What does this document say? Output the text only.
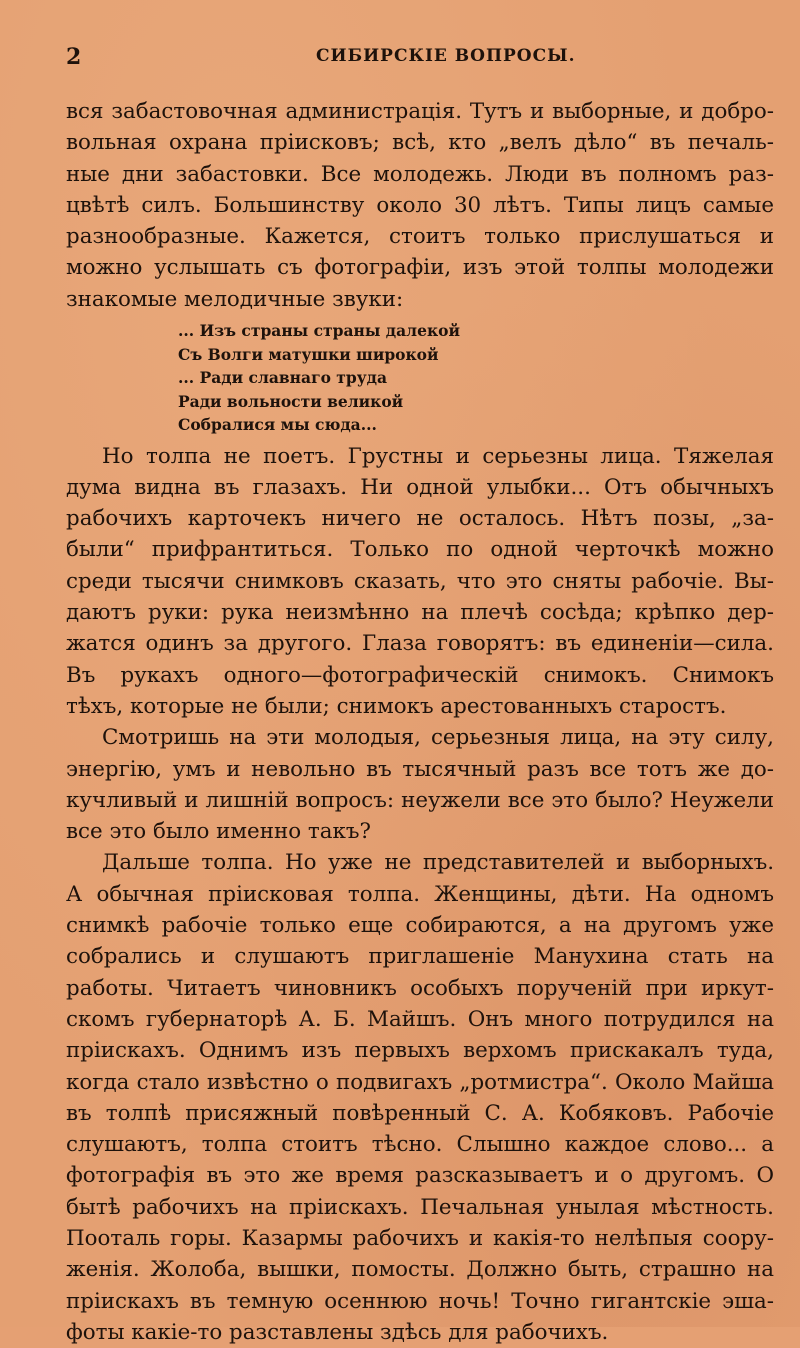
2	СИБИРСКІЕ ВОПРОСЫ.
вся забастовочная администрація. Тутъ и выборные, и добро-
вольная охрана пріисковъ; всѣ, кто „велъ дѣло“ въ печаль-
ные дни забастовки. Все молодежь. Люди въ полномъ раз-
цвѣтѣ силъ. Большинству около 30 лѣтъ. Типы лицъ самые
разнообразные. Кажется, стоитъ только прислушаться и
можно услышать съ фотографіи, изъ этой толпы молодежи
знакомые мелодичные звуки:
... Изъ страны страны далекой
Съ Волги матушки широкой
... Ради славнаго труда
Ради вольности великой
Собралися мы сюда...
Но толпа не поетъ. Грустны и серьезны лица. Тяжелая
дума видна въ глазахъ. Ни одной улыбки... Отъ обычныхъ
рабочихъ карточекъ ничего не осталось. Нѣтъ позы, „за-
были“ прифрантиться. Только по одной черточкѣ можно
среди тысячи снимковъ сказать, что это сняты рабочіе. Вы-
даютъ руки: рука неизмѣнно на плечѣ сосѣда; крѣпко дер-
жатся одинъ за другого. Глаза говорятъ: въ единеніи—сила.
Въ рукахъ одного—фотографическій снимокъ. Снимокъ
тѣхъ, которые не были; снимокъ арестованныхъ старостъ.
Смотришь на эти молодыя, серьезныя лица, на эту силу,
энергію, умъ и невольно въ тысячный разъ все тотъ же до-
кучливый и лишній вопросъ: неужели все это было? Неужели
все это было именно такъ?
Дальше толпа. Но уже не представителей и выборныхъ.
А обычная пріисковая толпа. Женщины, дѣти. На одномъ
снимкѣ рабочіе только еще собираются, а на другомъ уже
собрались и слушаютъ приглашеніе Манухина стать на
работы. Читаетъ чиновникъ особыхъ порученій при иркут-
скомъ губернаторѣ А. Б. Майшъ. Онъ много потрудился на
пріискахъ. Однимъ изъ первыхъ верхомъ прискакалъ туда,
когда стало извѣстно о подвигахъ „ротмистра“. Около Майша
въ толпѣ присяжный повѣренный С. А. Кобяковъ. Рабочіе
слушаютъ, толпа стоитъ тѣсно. Слышно каждое слово... а
фотографія въ это же время разсказываетъ и о другомъ. О
бытѣ рабочихъ на пріискахъ. Печальная унылая мѣстность.
Пооталь горы. Казармы рабочихъ и какія-то нелѣпыя соору-
женія. Жолоба, вышки, помосты. Должно быть, страшно на
пріискахъ въ темную осеннюю ночь! Точно гигантскіе эша-
фоты какіе-то разставлены здѣсь для рабочихъ.
